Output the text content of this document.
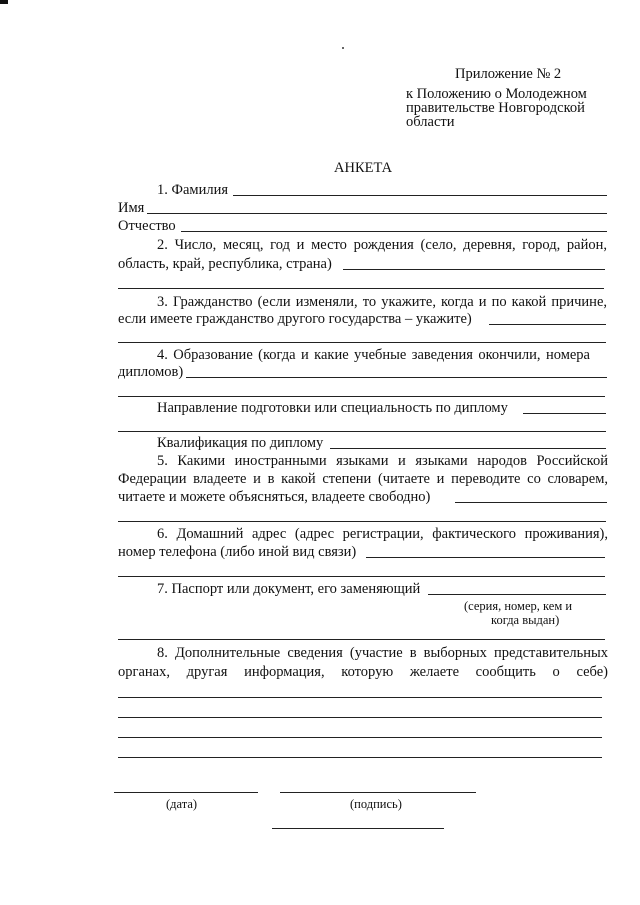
Приложение № 2
к Положению о Молодежном
правительстве Новгородской
области
АНКЕТА
1. Фамилия
Имя
Отчество
2. Число, месяц, год и место рождения (село, деревня, город, район,
область, край, республика, страна)
3. Гражданство (если изменяли, то укажите, когда и по какой причине,
если имеете гражданство другого государства – укажите)
4. Образование (когда и какие учебные заведения окончили, номера
дипломов)
Направление подготовки или специальность по диплому
Квалификация по диплому
5. Какими иностранными языками и языками народов Российской
Федерации владеете и в какой степени (читаете и переводите со словарем,
читаете и можете объясняться, владеете свободно)
6. Домашний адрес (адрес регистрации, фактического проживания),
номер телефона (либо иной вид связи)
7. Паспорт или документ, его заменяющий
(серия, номер, кем и
когда выдан)
8. Дополнительные сведения (участие в выборных представительных
органах, другая информация, которую желаете сообщить о себе)
(дата)	(подпись)
